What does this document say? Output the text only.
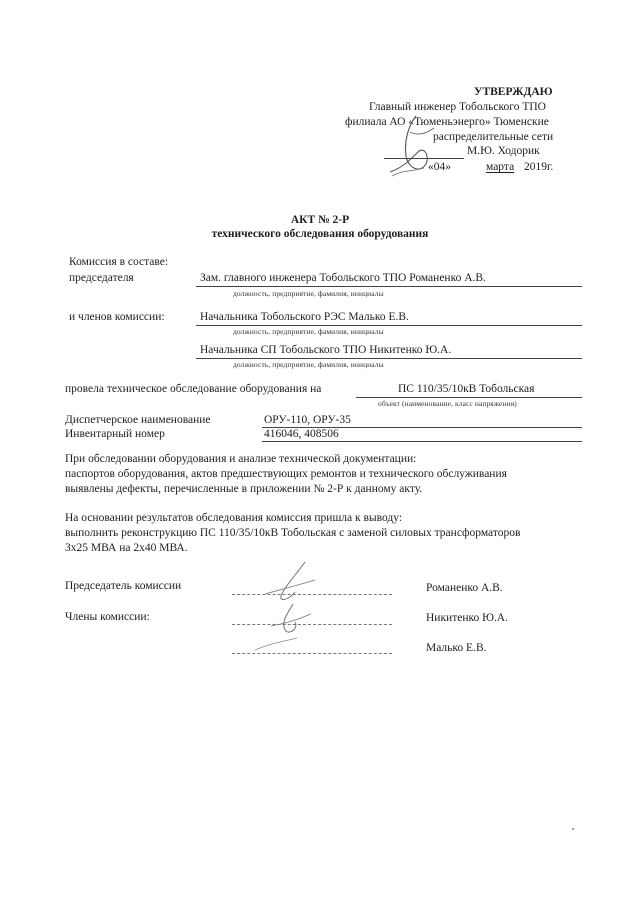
УТВЕРЖДАЮ
Главный инженер Тобольского ТПО
филиала АО «Тюменьэнерго» Тюменские
распределительные сети
М.Ю. Ходорик
«04»	марта 2019г.
АКТ № 2-Р
технического обследования оборудования
Комиссия в составе:
председателя	Зам. главного инженера Тобольского ТПО Романенко А.В.
должность, предприятие, фамилия, инициалы
и членов комиссии:	Начальника Тобольского РЭС Малько Е.В.
должность, предприятие, фамилия, инициалы
Начальника СП Тобольского ТПО Никитенко Ю.А.
должность, предприятие, фамилия, инициалы
провела техническое обследование оборудования на	ПС 110/35/10кВ Тобольская
объект (наименование, класс напряжения)
Диспетчерское наименование	ОРУ-110, ОРУ-35
Инвентарный номер	416046, 408506
При обследовании оборудования и анализе технической документации:
паспортов оборудования, актов предшествующих ремонтов и технического обслуживания
выявлены дефекты, перечисленные в приложении № 2-Р к данному акту.
На основании результатов обследования комиссия пришла к выводу:
выполнить реконструкцию ПС 110/35/10кВ Тобольская с заменой силовых трансформаторов
3х25 МВА на 2х40 МВА.
Председатель комиссии	Романенко А.В.
Члены комиссии:	Никитенко Ю.А.
Малько Е.В.
